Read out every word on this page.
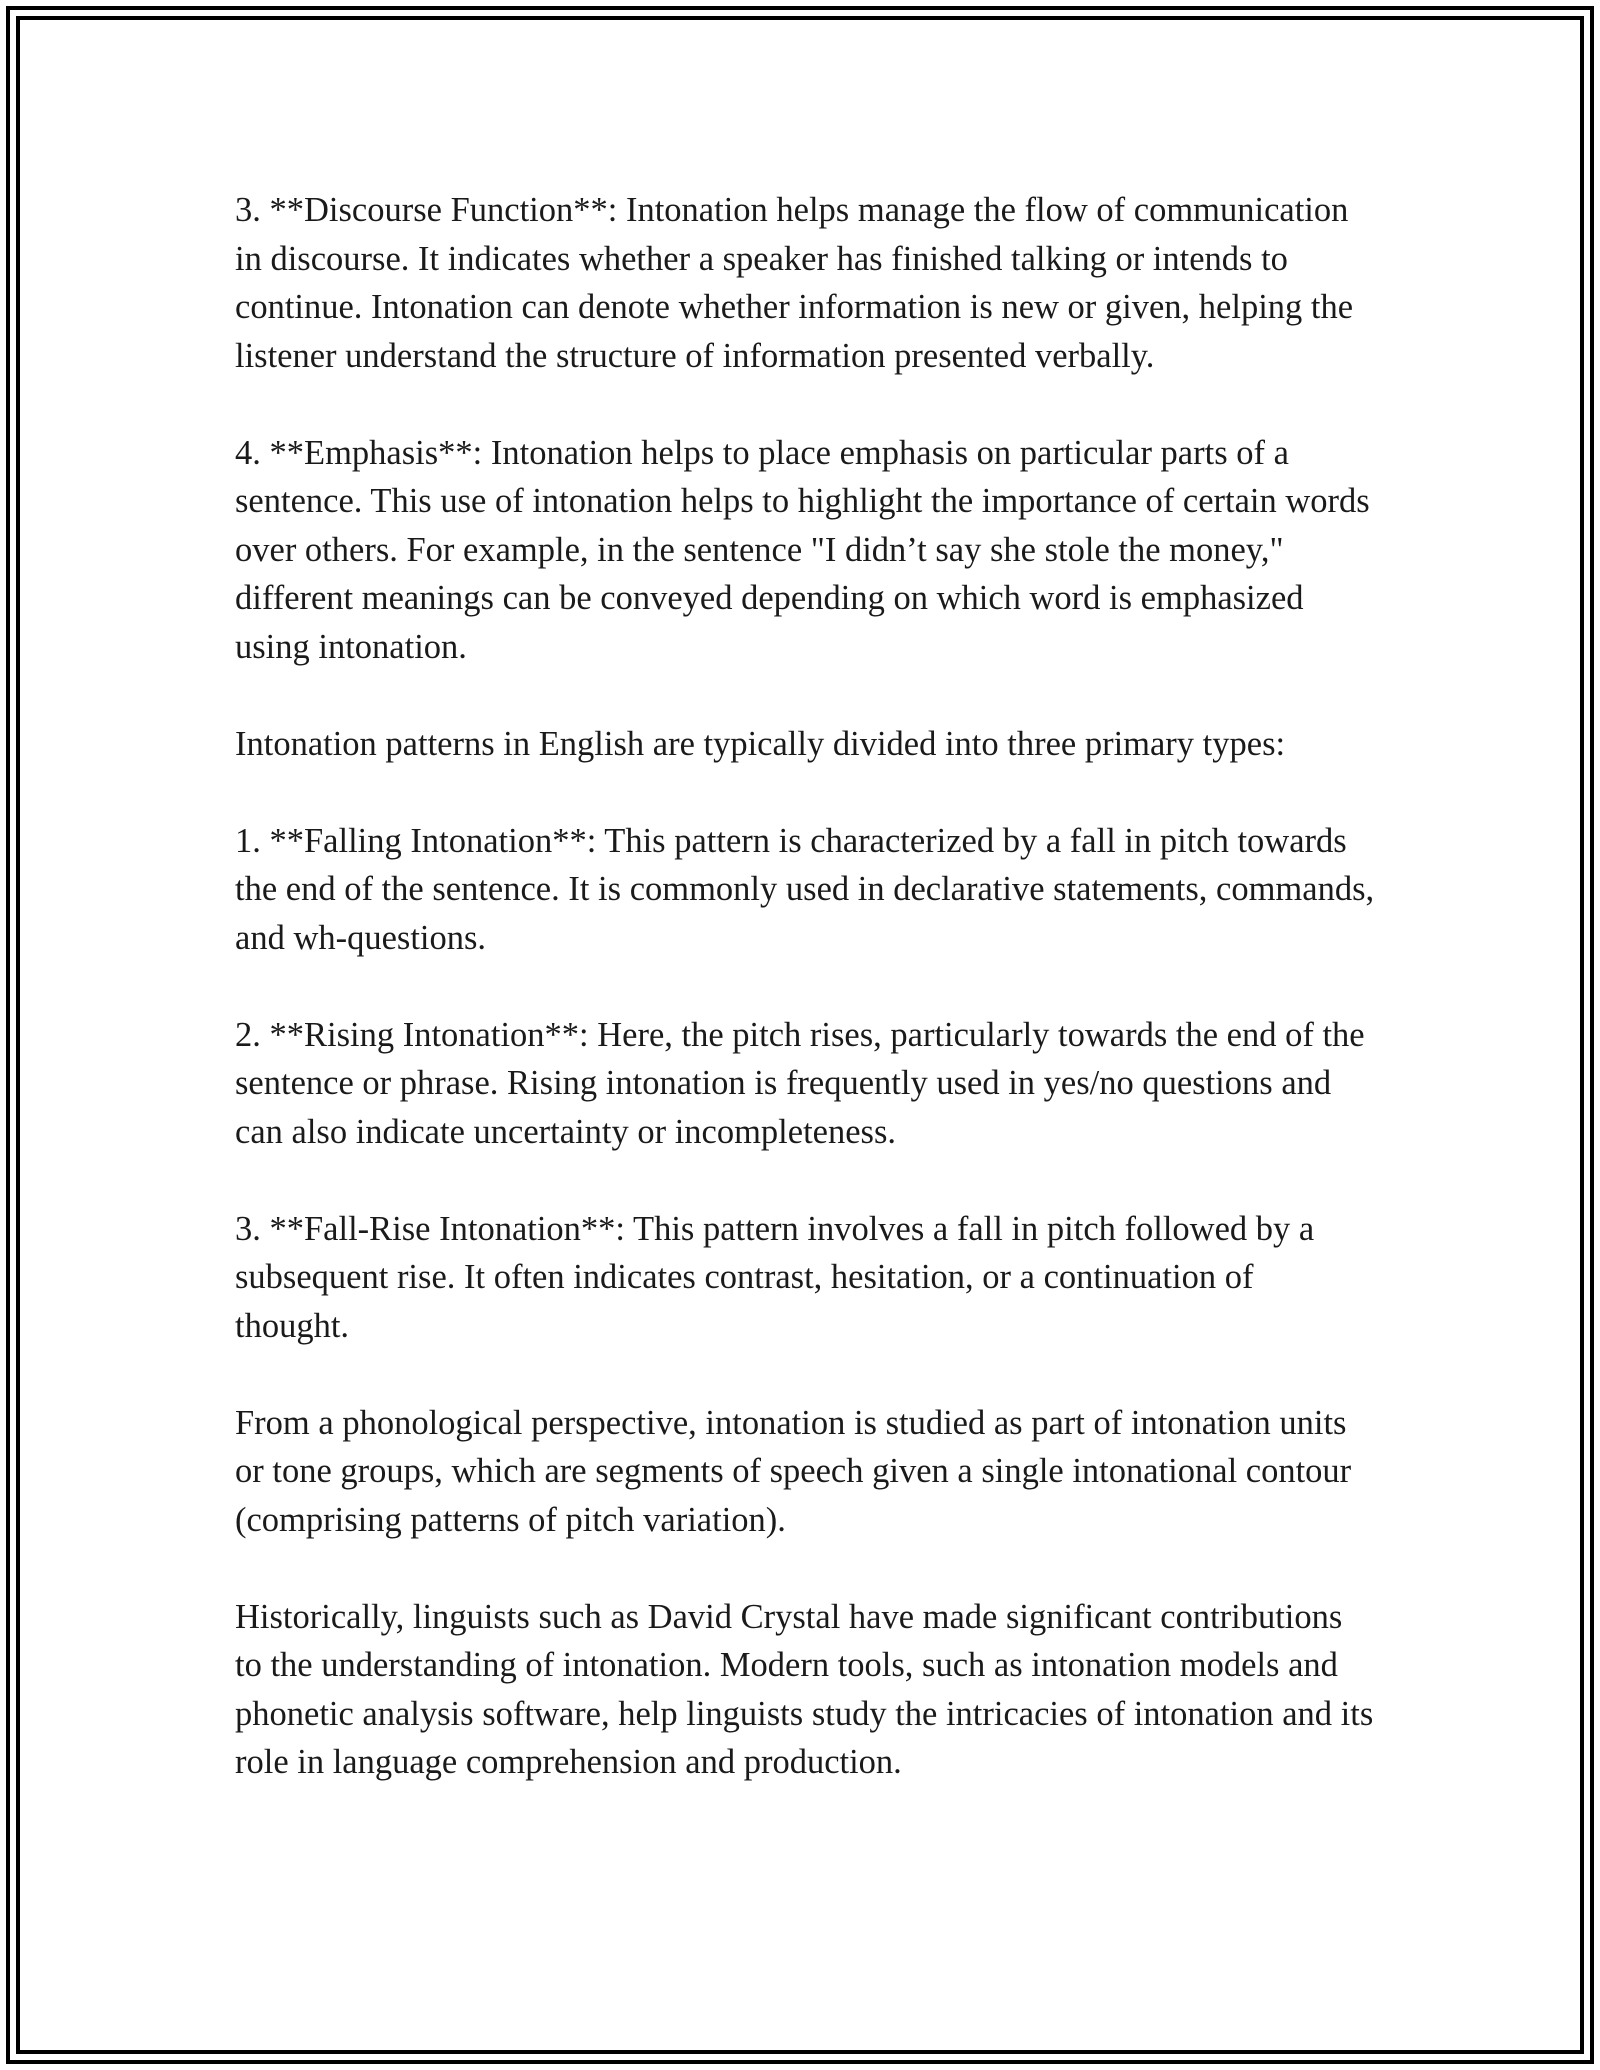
3. **Discourse Function**: Intonation helps manage the flow of communication in discourse. It indicates whether a speaker has finished talking or intends to continue. Intonation can denote whether information is new or given, helping the listener understand the structure of information presented verbally.

4. **Emphasis**: Intonation helps to place emphasis on particular parts of a sentence. This use of intonation helps to highlight the importance of certain words over others. For example, in the sentence "I didn’t say she stole the money," different meanings can be conveyed depending on which word is emphasized using intonation.

Intonation patterns in English are typically divided into three primary types:

1. **Falling Intonation**: This pattern is characterized by a fall in pitch towards the end of the sentence. It is commonly used in declarative statements, commands, and wh-questions.

2. **Rising Intonation**: Here, the pitch rises, particularly towards the end of the sentence or phrase. Rising intonation is frequently used in yes/no questions and can also indicate uncertainty or incompleteness.

3. **Fall-Rise Intonation**: This pattern involves a fall in pitch followed by a subsequent rise. It often indicates contrast, hesitation, or a continuation of thought.

From a phonological perspective, intonation is studied as part of intonation units or tone groups, which are segments of speech given a single intonational contour (comprising patterns of pitch variation).

Historically, linguists such as David Crystal have made significant contributions to the understanding of intonation. Modern tools, such as intonation models and phonetic analysis software, help linguists study the intricacies of intonation and its role in language comprehension and production.
